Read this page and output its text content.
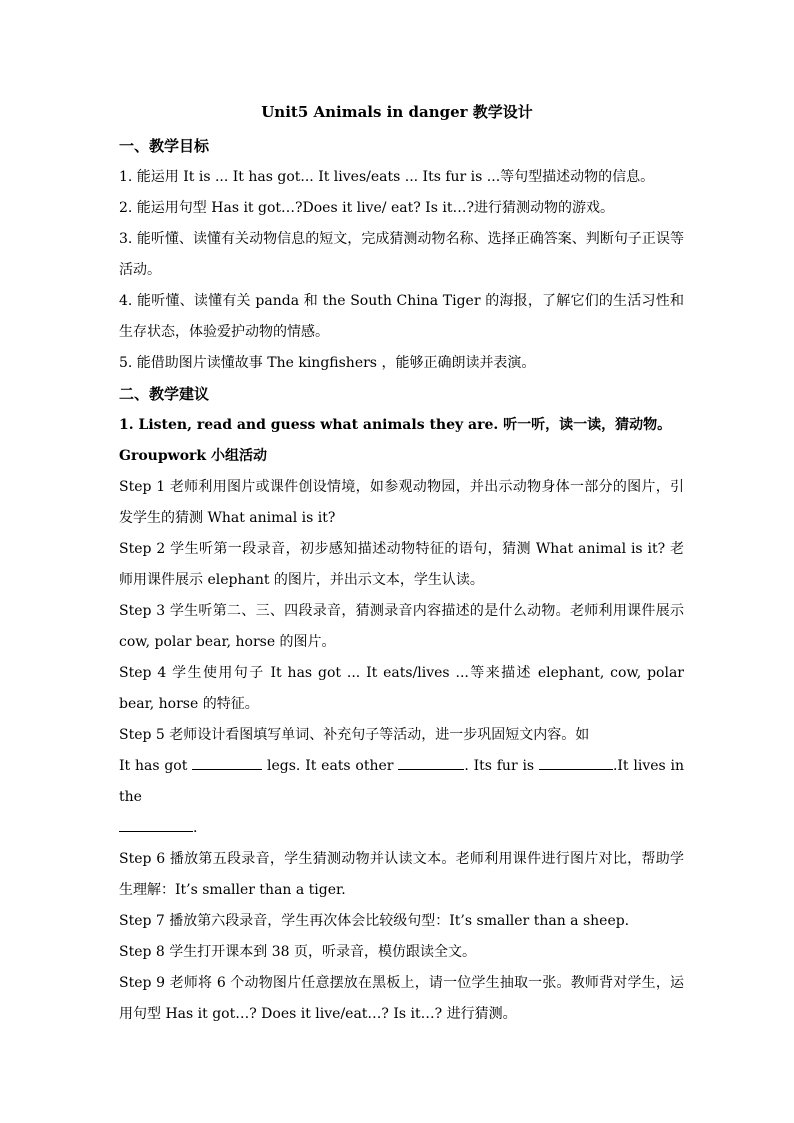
Unit5 Animals in danger 教学设计
一、教学目标
1. 能运用 It is ... It has got... It lives/eats ... Its fur is ...等句型描述动物的信息。
2. 能运用句型 Has it got…?Does it live/ eat? Is it…?进行猜测动物的游戏。
3. 能听懂、读懂有关动物信息的短文，完成猜测动物名称、选择正确答案、判断句子正误等活动。
4. 能听懂、读懂有关 panda 和 the South China Tiger 的海报，了解它们的生活习性和生存状态，体验爱护动物的情感。
5. 能借助图片读懂故事 The kingfishers ，能够正确朗读并表演。
二、教学建议
1. Listen, read and guess what animals they are. 听一听，读一读，猜动物。
Groupwork 小组活动
Step 1 老师利用图片或课件创设情境，如参观动物园，并出示动物身体一部分的图片，引发学生的猜测 What animal is it?
Step 2 学生听第一段录音，初步感知描述动物特征的语句，猜测 What animal is it? 老师用课件展示 elephant 的图片，并出示文本，学生认读。
Step 3 学生听第二、三、四段录音，猜测录音内容描述的是什么动物。老师利用课件展示 cow, polar bear, horse 的图片。
Step 4 学生使用句子 It has got ... It eats/lives ...等来描述 elephant, cow, polar bear, horse 的特征。
Step 5 老师设计看图填写单词、补充句子等活动，进一步巩固短文内容。如
It has got	legs. It eats other	. Its fur is	.It lives in the
.
Step 6 播放第五段录音，学生猜测动物并认读文本。老师利用课件进行图片对比，帮助学生理解：It’s smaller than a tiger.
Step 7 播放第六段录音，学生再次体会比较级句型：It’s smaller than a sheep.
Step 8 学生打开课本到 38 页，听录音，模仿跟读全文。
Step 9 老师将 6 个动物图片任意摆放在黑板上，请一位学生抽取一张。教师背对学生，运用句型 Has it got…? Does it live/eat…? Is it…? 进行猜测。
